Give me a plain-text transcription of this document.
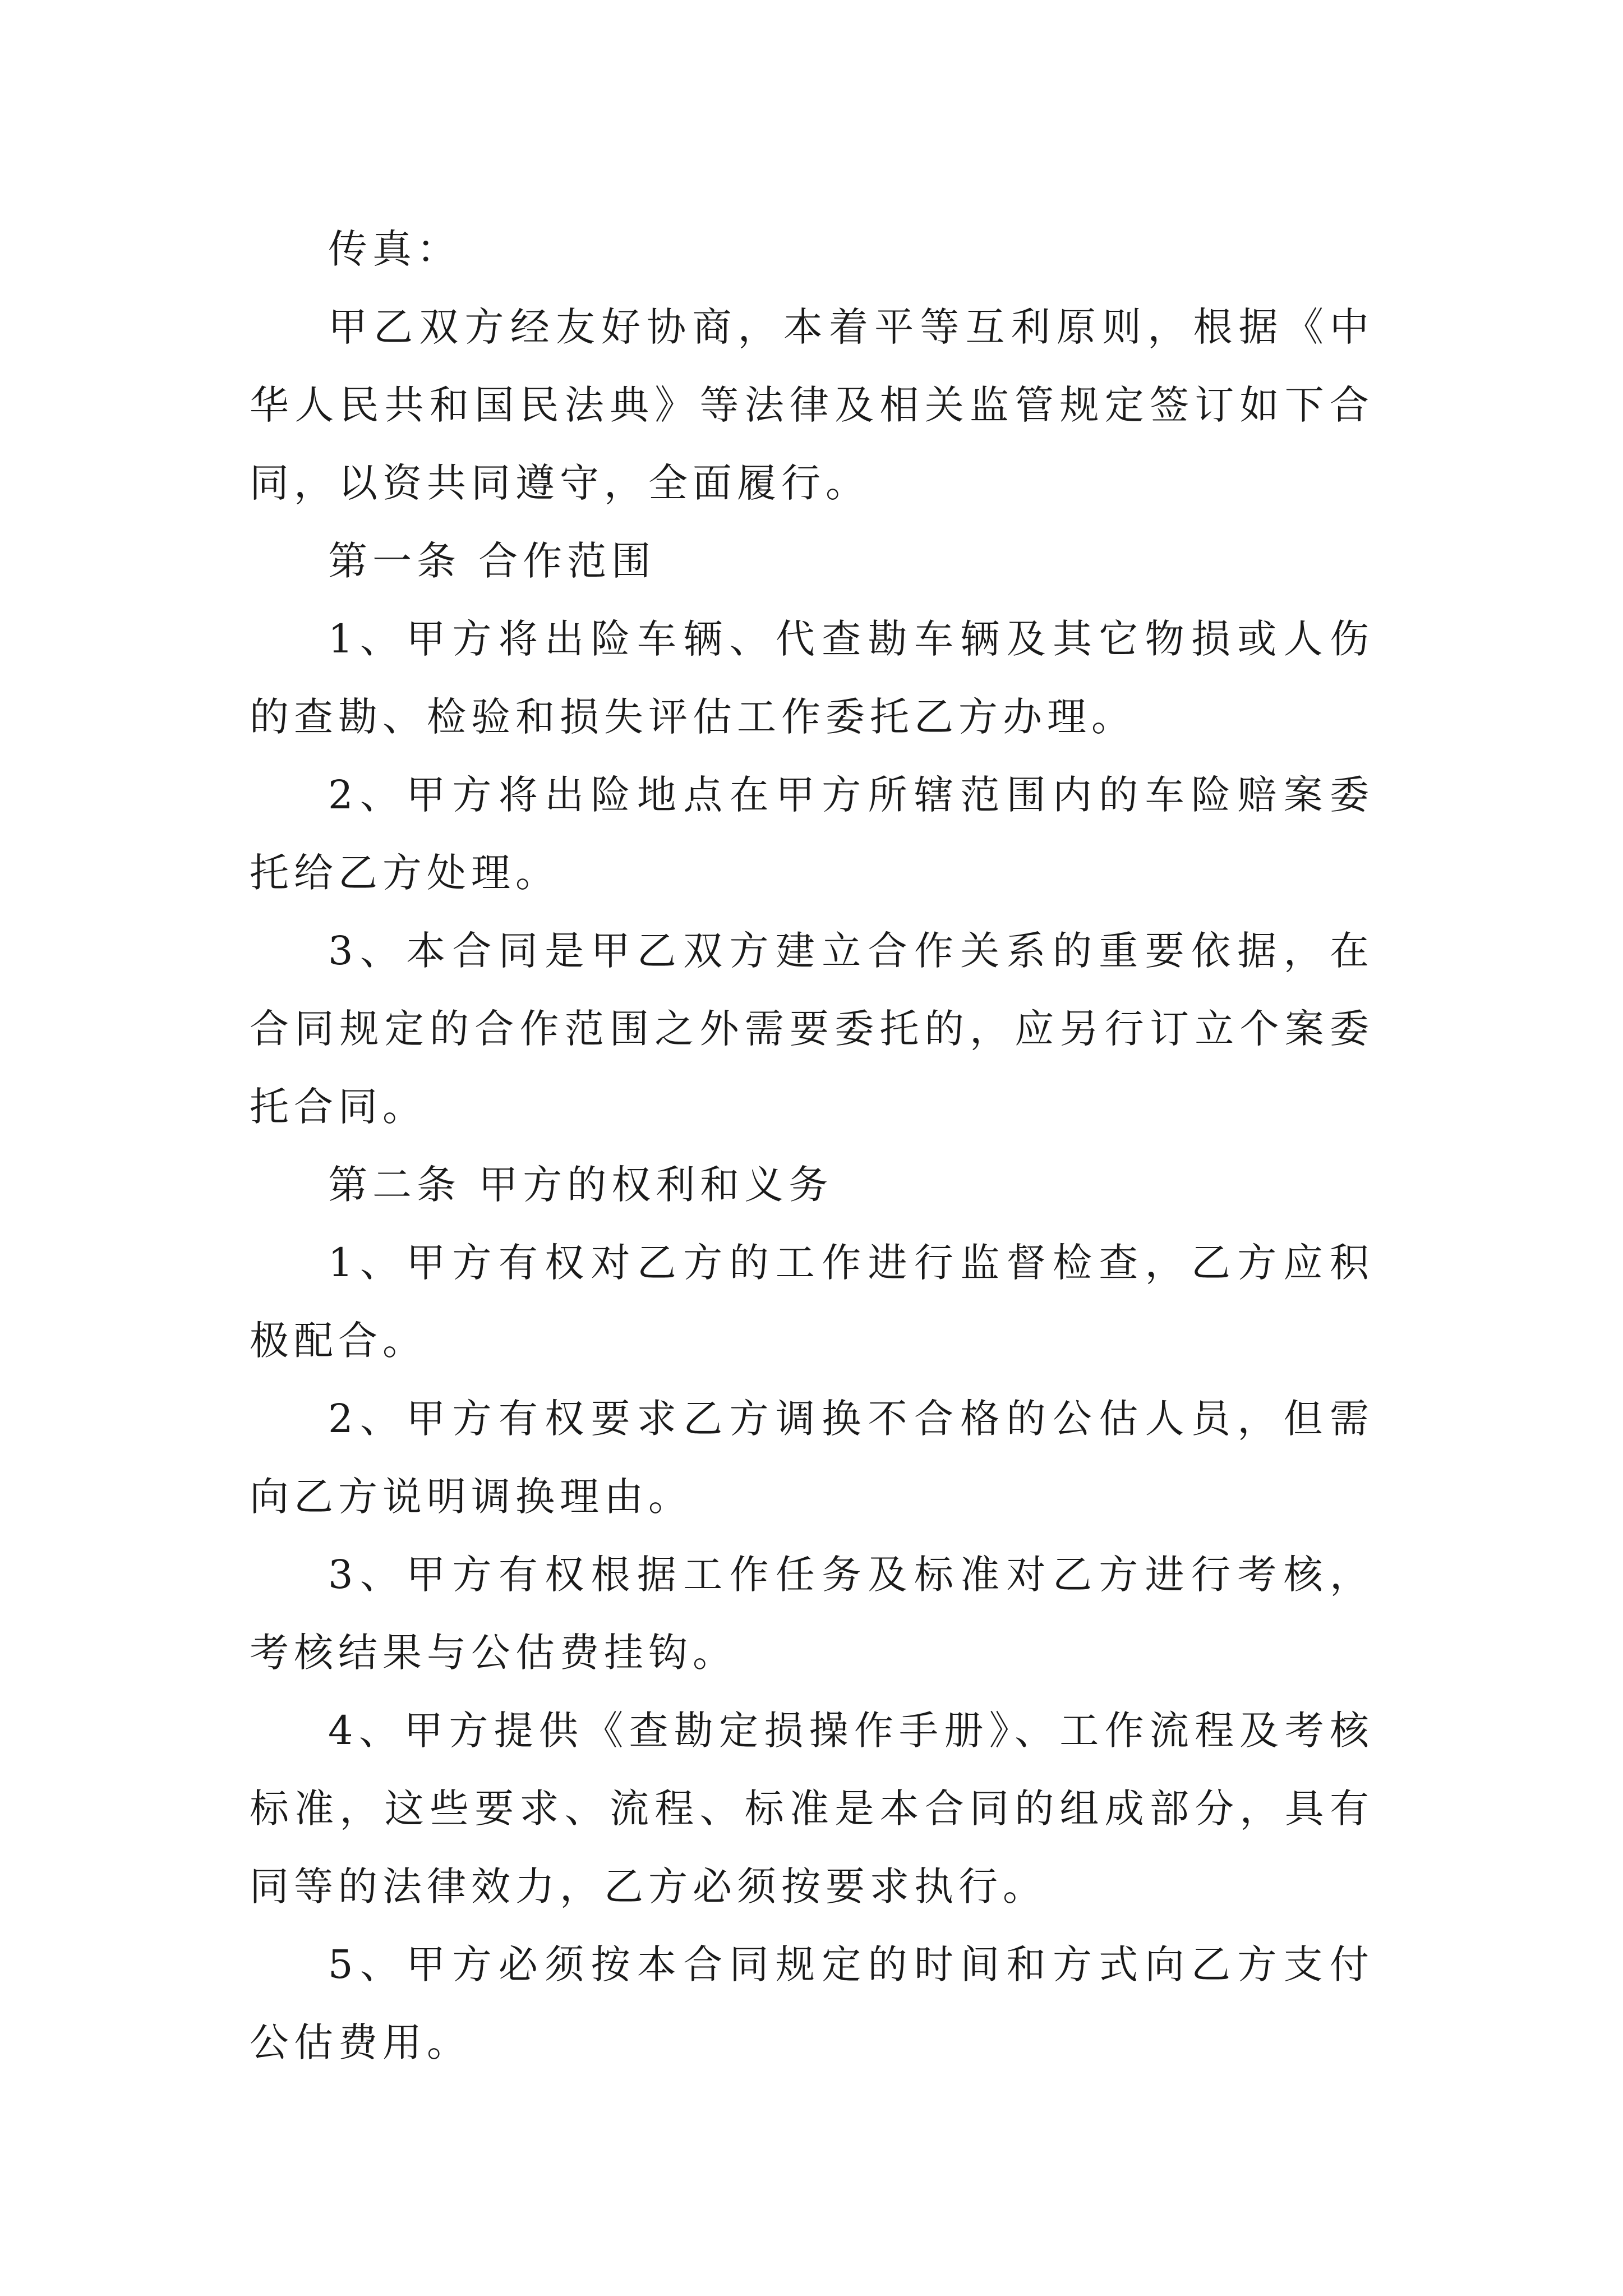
传真：

甲乙双方经友好协商，本着平等互利原则，根据《中华人民共和国民法典》等法律及相关监管规定签订如下合同，以资共同遵守，全面履行。

第一条 合作范围

1、甲方将出险车辆、代查勘车辆及其它物损或人伤的查勘、检验和损失评估工作委托乙方办理。

2、甲方将出险地点在甲方所辖范围内的车险赔案委托给乙方处理。

3、本合同是甲乙双方建立合作关系的重要依据，在合同规定的合作范围之外需要委托的，应另行订立个案委托合同。

第二条 甲方的权利和义务

1、甲方有权对乙方的工作进行监督检查，乙方应积极配合。

2、甲方有权要求乙方调换不合格的公估人员，但需向乙方说明调换理由。

3、甲方有权根据工作任务及标准对乙方进行考核，考核结果与公估费挂钩。

4、甲方提供《查勘定损操作手册》、工作流程及考核标准，这些要求、流程、标准是本合同的组成部分，具有同等的法律效力，乙方必须按要求执行。

5、甲方必须按本合同规定的时间和方式向乙方支付公估费用。
